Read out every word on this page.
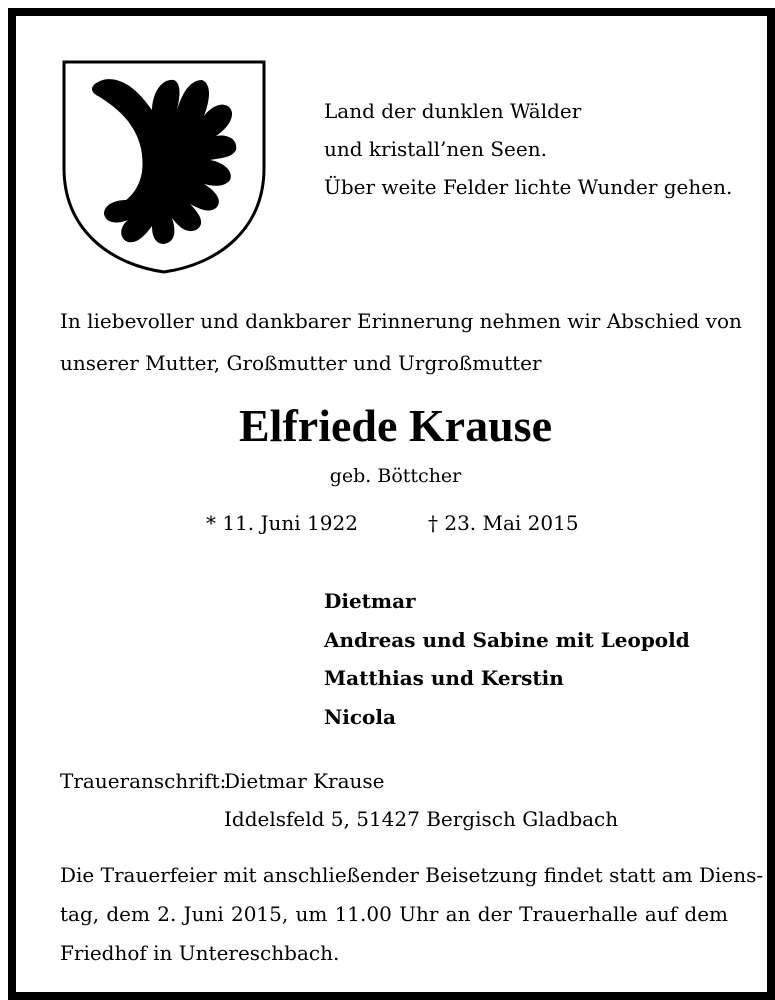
Land der dunklen Wälder
und kristall’nen Seen.
Über weite Felder lichte Wunder gehen.
In liebevoller und dankbarer Erinnerung nehmen wir Abschied von
unserer Mutter, Großmutter und Urgroßmutter
Elfriede Krause
geb. Böttcher
* 11. Juni 1922	† 23. Mai 2015
Dietmar
Andreas und Sabine mit Leopold
Matthias und Kerstin
Nicola
Traueranschrift:
Dietmar Krause
Iddelsfeld 5, 51427 Bergisch Gladbach
Die Trauerfeier mit anschließender Beisetzung findet statt am Diens-
tag, dem 2. Juni 2015, um 11.00 Uhr an der Trauerhalle auf dem
Friedhof in Untereschbach.
